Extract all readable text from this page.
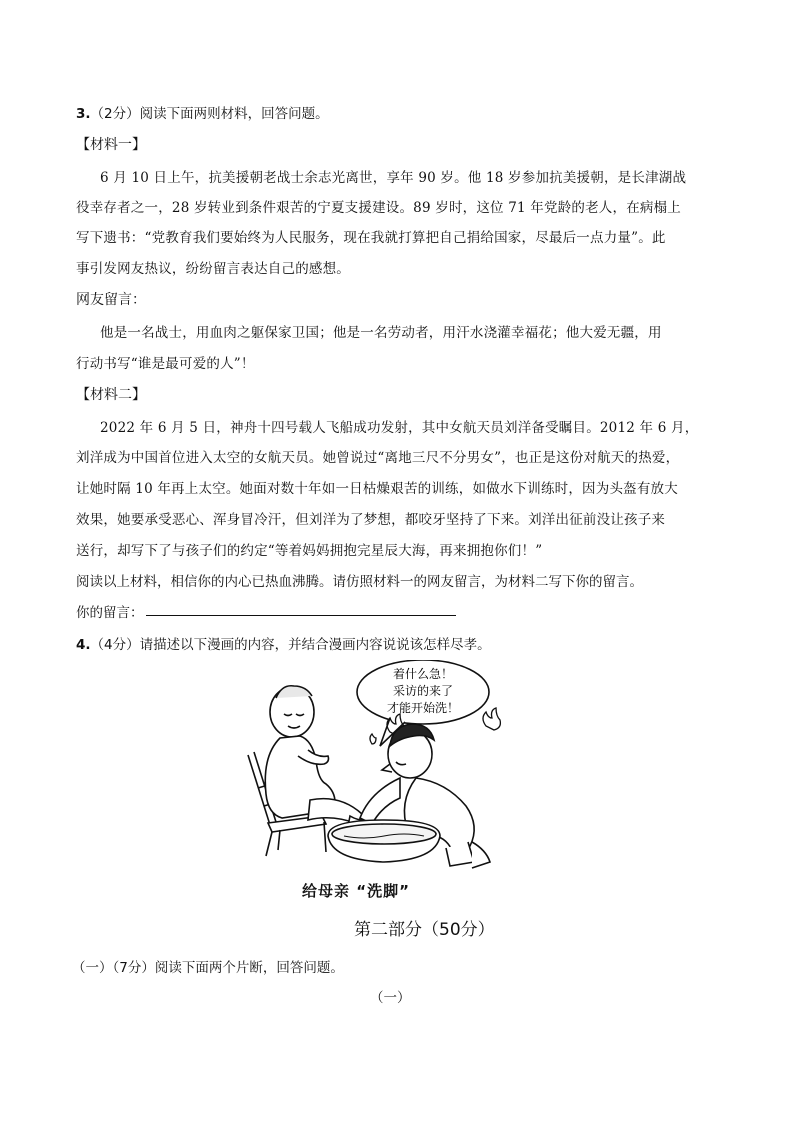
3.（2分）阅读下面两则材料，回答问题。
【材料一】
6 月 10 日上午，抗美援朝老战士余志光离世，享年 90 岁。他 18 岁参加抗美援朝，是长津湖战
役幸存者之一，28 岁转业到条件艰苦的宁夏支援建设。89 岁时，这位 71 年党龄的老人，在病榻上
写下遗书：“党教育我们要始终为人民服务，现在我就打算把自己捐给国家，尽最后一点力量”。此
事引发网友热议，纷纷留言表达自己的感想。
网友留言：
他是一名战士，用血肉之躯保家卫国；他是一名劳动者，用汗水浇灌幸福花；他大爱无疆，用
行动书写“谁是最可爱的人”！
【材料二】
2022 年 6 月 5 日，神舟十四号载人飞船成功发射，其中女航天员刘洋备受瞩目。2012 年 6 月，
刘洋成为中国首位进入太空的女航天员。她曾说过“离地三尺不分男女”，也正是这份对航天的热爱，
让她时隔 10 年再上太空。她面对数十年如一日枯燥艰苦的训练，如做水下训练时，因为头盔有放大
效果，她要承受恶心、浑身冒冷汗，但刘洋为了梦想，都咬牙坚持了下来。刘洋出征前没让孩子来
送行，却写下了与孩子们的约定“等着妈妈拥抱完星辰大海，再来拥抱你们！”
阅读以上材料，相信你的内心已热血沸腾。请仿照材料一的网友留言，为材料二写下你的留言。
你的留言：
4.（4分）请描述以下漫画的内容，并结合漫画内容说说该怎样尽孝。
着什么急！
采访的来了
才能开始洗！
给母亲 “洗脚”
第二部分（50分）
（一）（7分）阅读下面两个片断，回答问题。
（一）
